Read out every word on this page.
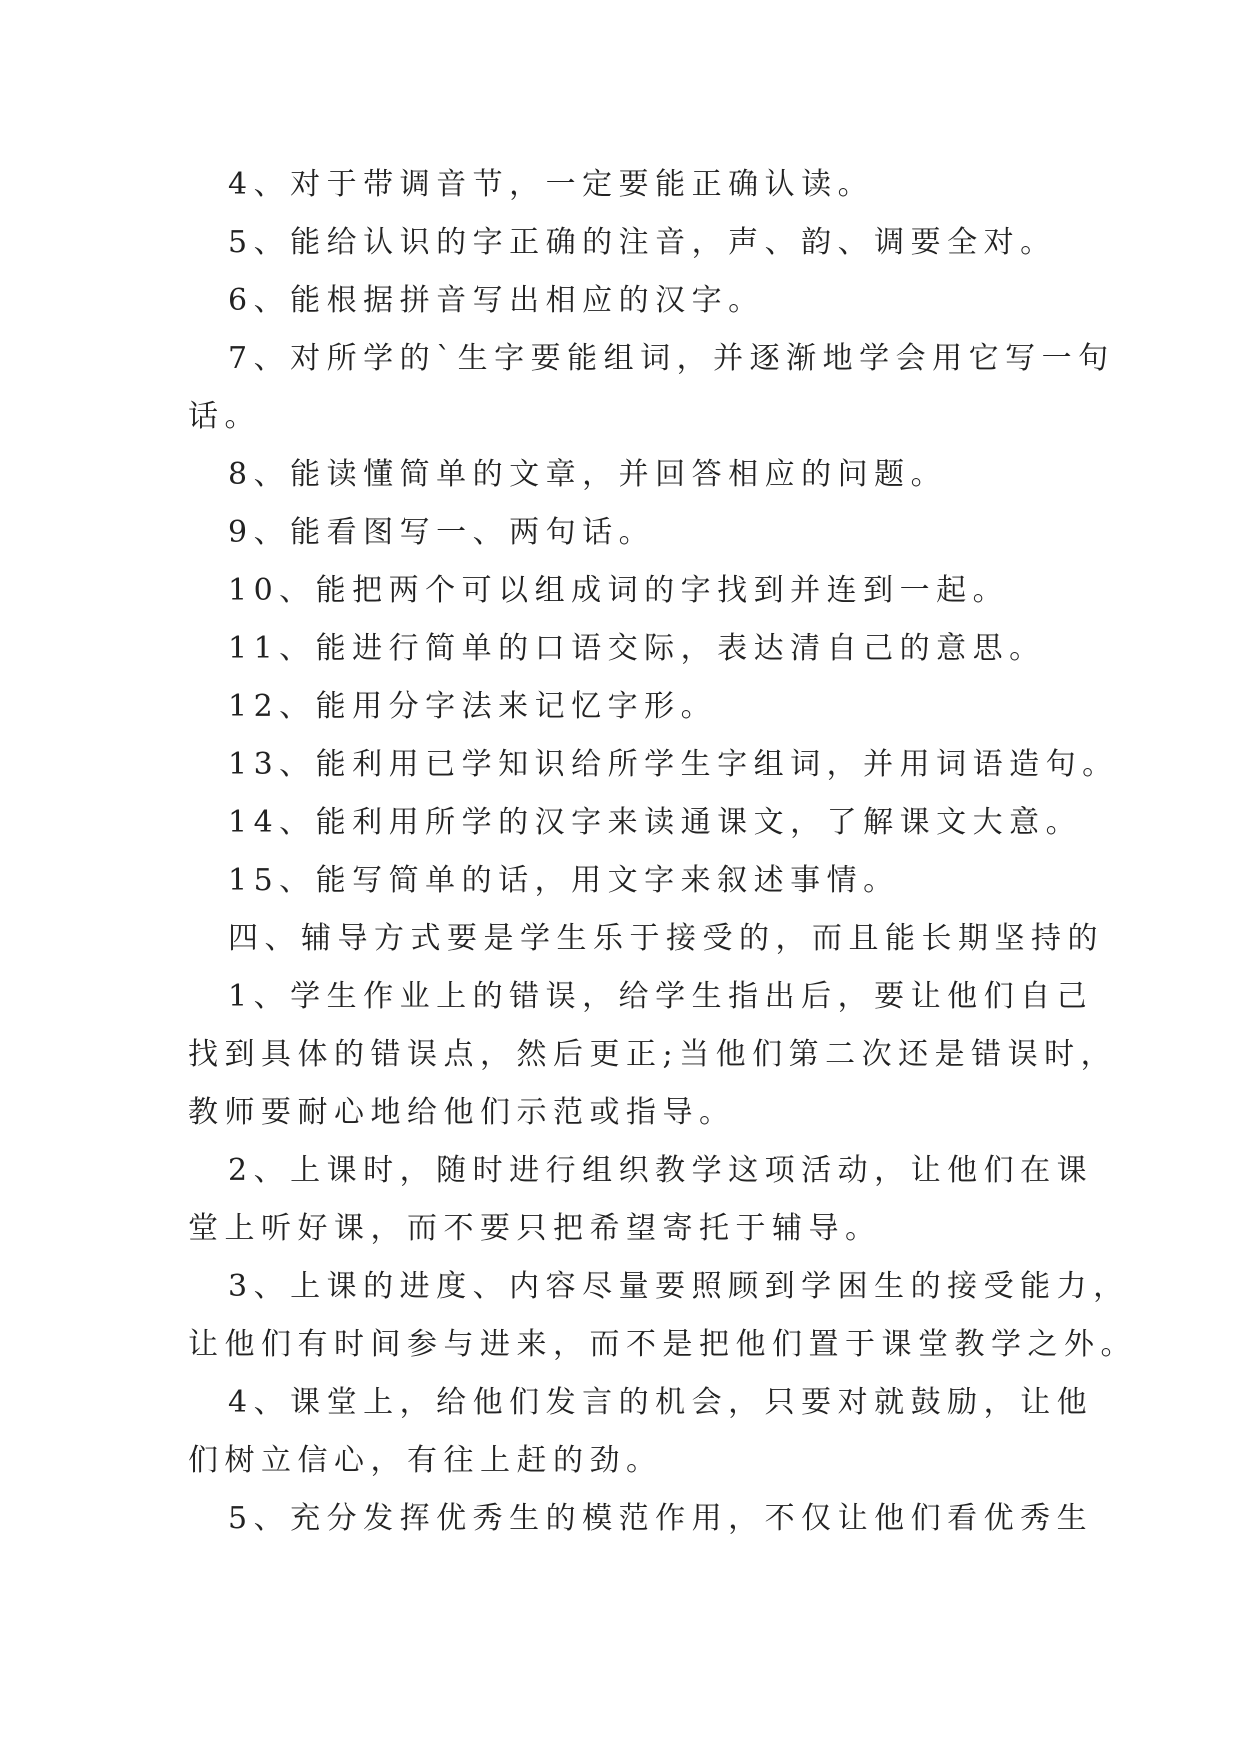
4、对于带调音节，一定要能正确认读。
5、能给认识的字正确的注音，声、韵、调要全对。
6、能根据拼音写出相应的汉字。
7、对所学的`生字要能组词，并逐渐地学会用它写一句
话。
8、能读懂简单的文章，并回答相应的问题。
9、能看图写一、两句话。
10、能把两个可以组成词的字找到并连到一起。
11、能进行简单的口语交际，表达清自己的意思。
12、能用分字法来记忆字形。
13、能利用已学知识给所学生字组词，并用词语造句。
14、能利用所学的汉字来读通课文，了解课文大意。
15、能写简单的话，用文字来叙述事情。
四、辅导方式要是学生乐于接受的，而且能长期坚持的
1、学生作业上的错误，给学生指出后，要让他们自己
找到具体的错误点，然后更正;当他们第二次还是错误时，
教师要耐心地给他们示范或指导。
2、上课时，随时进行组织教学这项活动，让他们在课
堂上听好课，而不要只把希望寄托于辅导。
3、上课的进度、内容尽量要照顾到学困生的接受能力，
让他们有时间参与进来，而不是把他们置于课堂教学之外。
4、课堂上，给他们发言的机会，只要对就鼓励，让他
们树立信心，有往上赶的劲。
5、充分发挥优秀生的模范作用，不仅让他们看优秀生
